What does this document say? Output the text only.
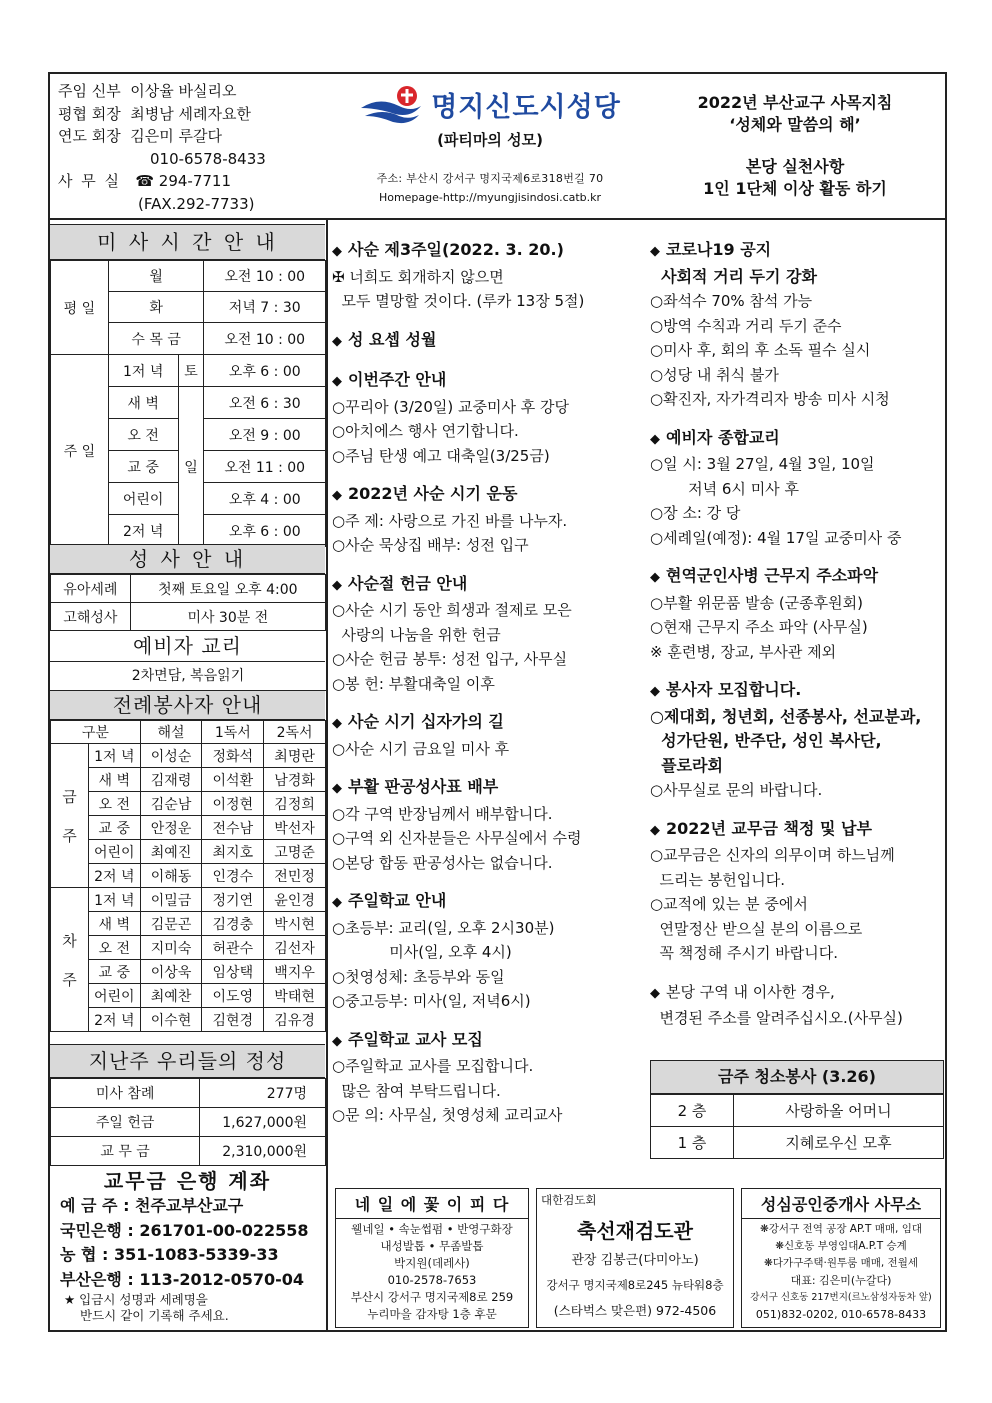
주임 신부 이상율 바실리오
평협 회장 최병남 세례자요한
연도 회장 김은미 루갈다
010-6578-8433
사 무 실 ☎ 294-7711
(FAX.292-7733)
명지신도시성당
(파티마의 성모)
주소: 부산시 강서구 명지국제6로318번길 70
Homepage-http://myungjisindosi.catb.kr
2022년 부산교구 사목지침
‘성체와 말씀의 해’
본당 실천사항
1인 1단체 이상 활동 하기
미 사 시 간 안 내
평 일	월		오전 10 : 00
	화		저녁 7 : 30
	수 목 금		오전 10 : 00
주 일	1저 녁	토	오후 6 : 00
	새 벽	일	오전 6 : 30
	오 전		오전 9 : 00
	교 중		오전 11 : 00
	어린이		오후 4 : 00
	2저 녁		오후 6 : 00
성 사 안 내
유아세례	첫째 토요일 오후 4:00
고해성사	미사 30분 전
예비자 교리
2차면담, 복음읽기
전례봉사자 안내
구분		해설	1독서	2독서
금

주	1저 녁	이성순	정화석	최명란
	새 벽	김재령	이석환	남경화
	오 전	김순남	이정현	김정희
	교 중	안정운	전수남	박선자
	어린이	최예진	최지호	고명준
	2저 녁	이해동	인경수	전민정
차

주	1저 녁	이밀금	정기연	윤인경
	새 벽	김문곤	김경충	박시현
	오 전	지미숙	허관수	김선자
	교 중	이상욱	임상택	백지우
	어린이	최예찬	이도영	박태현
	2저 녁	이수현	김현경	김유경
지난주 우리들의 정성
미사 참례	277명
주일 헌금	1,627,000원
교 무 금	2,310,000원
교무금 은행 계좌
예 금 주 : 천주교부산교구
국민은행 : 261701-00-022558
농 협 : 351-1083-5339-33
부산은행 : 113-2012-0570-04
★ 입금시 성명과 세례명을
반드시 같이 기록해 주세요.
◆ 사순 제3주일(2022. 3. 20.)
✠ 너희도 회개하지 않으면
모두 멸망할 것이다. (루카 13장 5절)
◆ 성 요셉 성월
◆ 이번주간 안내
○꾸리아 (3/20일) 교중미사 후 강당
○아치에스 행사 연기합니다.
○주님 탄생 예고 대축일(3/25금)
◆ 2022년 사순 시기 운동
○주 제: 사랑으로 가진 바를 나누자.
○사순 묵상집 배부: 성전 입구
◆ 사순절 헌금 안내
○사순 시기 동안 희생과 절제로 모은
사랑의 나눔을 위한 헌금
○사순 헌금 봉투: 성전 입구, 사무실
○봉 헌: 부활대축일 이후
◆ 사순 시기 십자가의 길
○사순 시기 금요일 미사 후
◆ 부활 판공성사표 배부
○각 구역 반장님께서 배부합니다.
○구역 외 신자분들은 사무실에서 수령
○본당 합동 판공성사는 없습니다.
◆ 주일학교 안내
○초등부: 교리(일, 오후 2시30분)
미사(일, 오후 4시)
○첫영성체: 초등부와 동일
○중고등부: 미사(일, 저녁6시)
◆ 주일학교 교사 모집
○주일학교 교사를 모집합니다.
많은 참여 부탁드립니다.
○문 의: 사무실, 첫영성체 교리교사
◆ 코로나19 공지
사회적 거리 두기 강화
○좌석수 70% 참석 가능
○방역 수칙과 거리 두기 준수
○미사 후, 회의 후 소독 필수 실시
○성당 내 취식 불가
○확진자, 자가격리자 방송 미사 시청
◆ 예비자 종합교리
○일 시: 3월 27일, 4월 3일, 10일
저녁 6시 미사 후
○장 소: 강 당
○세례일(예정): 4월 17일 교중미사 중
◆ 현역군인사병 근무지 주소파악
○부활 위문품 발송 (군종후원회)
○현재 근무지 주소 파악 (사무실)
※ 훈련병, 장교, 부사관 제외
◆ 봉사자 모집합니다.
○제대회, 청년회, 선종봉사, 선교분과,
성가단원, 반주단, 성인 복사단,
플로라회
○사무실로 문의 바랍니다.
◆ 2022년 교무금 책정 및 납부
○교무금은 신자의 의무이며 하느님께
드리는 봉헌입니다.
○교적에 있는 분 중에서
연말정산 받으실 분의 이름으로
꼭 책정해 주시기 바랍니다.
◆ 본당 구역 내 이사한 경우,
변경된 주소를 알려주십시오.(사무실)
금주 청소봉사 (3.26)
2 층	사랑하올 어머니
1 층	지혜로우신 모후
네 일 에 꽃 이 피 다
웰네일 • 속눈썹펌 • 반영구화장
내성발톱 • 무좀발톱
박지원(데레사)
010-2578-7653
부산시 강서구 명지국제8로 259
누리마을 감자탕 1층 후문
대한검도회
축선재검도관
관장 김봉근(다미아노)
강서구 명지국제8로245 뉴타워8층
(스타벅스 맞은편) 972-4506
성심공인중개사 사무소
❋강서구 전역 공장 AP.T 매매, 임대
❋신호동 부영임대A.P.T 승계
❋다가구주택·원투룸 매매, 전월세
대표: 김은미(누갈다)
강서구 신호동 217번지(르노삼성자동차 앞)
051)832-0202, 010-6578-8433
